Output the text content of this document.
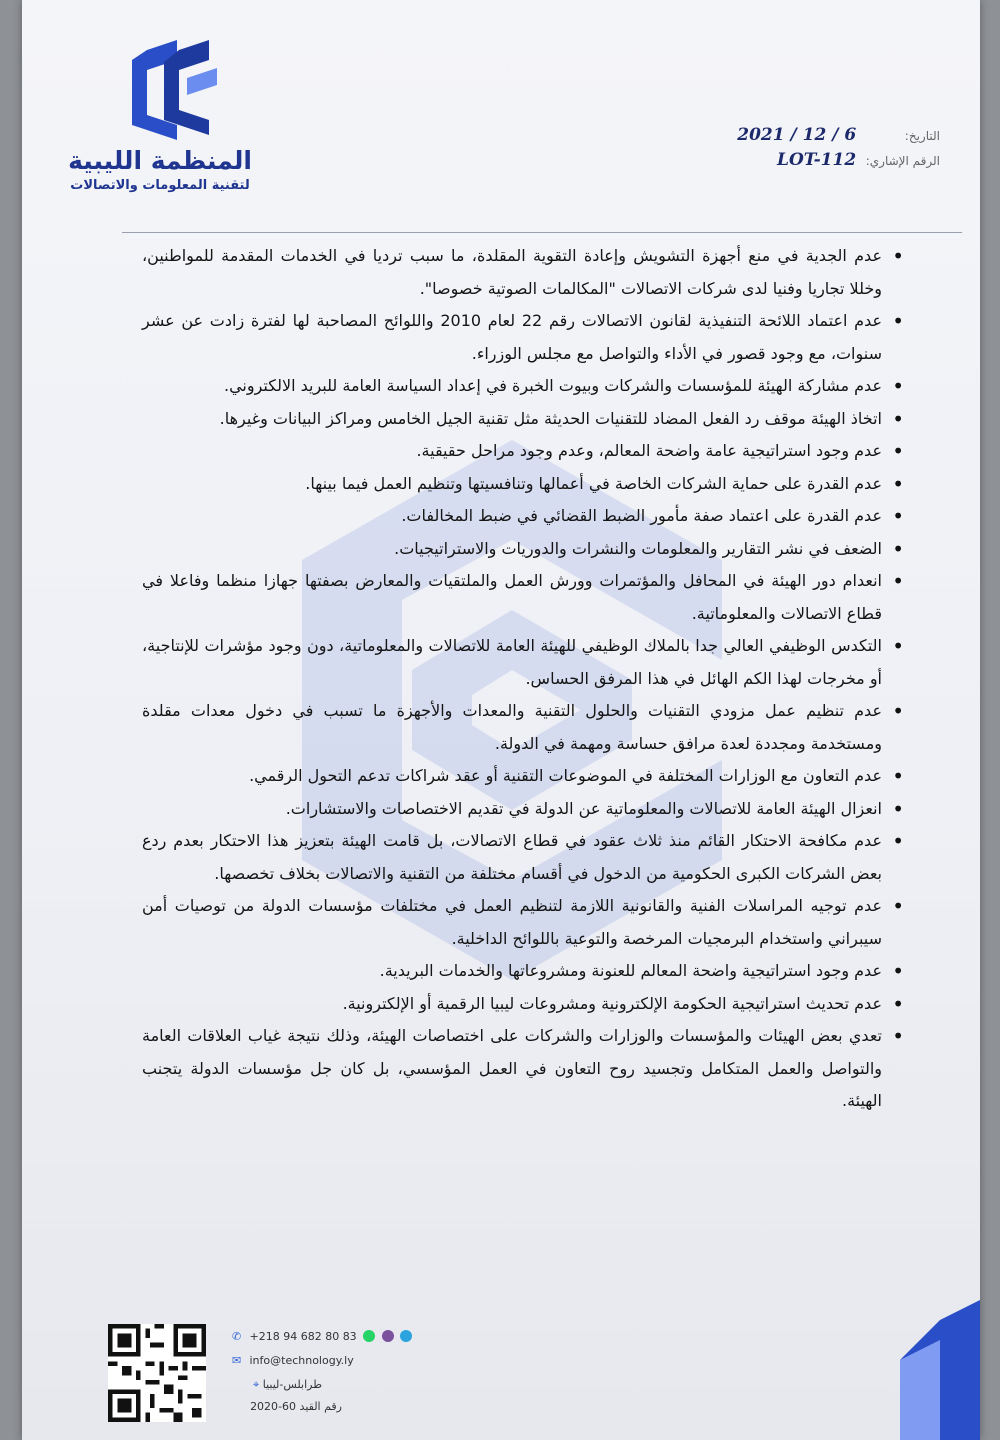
المنظمة الليبية
لتقنية المعلومات والاتصالات
التاريخ: 2021 / 12 / 6
الرقم الإشاري: LOT-112
• عدم الجدية في منع أجهزة التشويش وإعادة التقوية المقلدة، ما سبب ترديا في الخدمات المقدمة للمواطنين، وخللا تجاريا وفنيا لدى شركات الاتصالات "المكالمات الصوتية خصوصا".
• عدم اعتماد اللائحة التنفيذية لقانون الاتصالات رقم 22 لعام 2010 واللوائح المصاحبة لها لفترة زادت عن عشر سنوات، مع وجود قصور في الأداء والتواصل مع مجلس الوزراء.
• عدم مشاركة الهيئة للمؤسسات والشركات وبيوت الخبرة في إعداد السياسة العامة للبريد الالكتروني.
• اتخاذ الهيئة موقف رد الفعل المضاد للتقنيات الحديثة مثل تقنية الجيل الخامس ومراكز البيانات وغيرها.
• عدم وجود استراتيجية عامة واضحة المعالم، وعدم وجود مراحل حقيقية.
• عدم القدرة على حماية الشركات الخاصة في أعمالها وتنافسيتها وتنظيم العمل فيما بينها.
• عدم القدرة على اعتماد صفة مأمور الضبط القضائي في ضبط المخالفات.
• الضعف في نشر التقارير والمعلومات والنشرات والدوريات والاستراتيجيات.
• انعدام دور الهيئة في المحافل والمؤتمرات وورش العمل والملتقيات والمعارض بصفتها جهازا منظما وفاعلا في قطاع الاتصالات والمعلوماتية.
• التكدس الوظيفي العالي جدا بالملاك الوظيفي للهيئة العامة للاتصالات والمعلوماتية، دون وجود مؤشرات للإنتاجية، أو مخرجات لهذا الكم الهائل في هذا المرفق الحساس.
• عدم تنظيم عمل مزودي التقنيات والحلول التقنية والمعدات والأجهزة ما تسبب في دخول معدات مقلدة ومستخدمة ومجددة لعدة مرافق حساسة ومهمة في الدولة.
• عدم التعاون مع الوزارات المختلفة في الموضوعات التقنية أو عقد شراكات تدعم التحول الرقمي.
• انعزال الهيئة العامة للاتصالات والمعلوماتية عن الدولة في تقديم الاختصاصات والاستشارات.
• عدم مكافحة الاحتكار القائم منذ ثلاث عقود في قطاع الاتصالات، بل قامت الهيئة بتعزيز هذا الاحتكار بعدم ردع بعض الشركات الكبرى الحكومية من الدخول في أقسام مختلفة من التقنية والاتصالات بخلاف تخصصها.
• عدم توجيه المراسلات الفنية والقانونية اللازمة لتنظيم العمل في مختلفات مؤسسات الدولة من توصيات أمن سيبراني واستخدام البرمجيات المرخصة والتوعية باللوائح الداخلية.
• عدم وجود استراتيجية واضحة المعالم للعنونة ومشروعاتها والخدمات البريدية.
• عدم تحديث استراتيجية الحكومة الإلكترونية ومشروعات ليبيا الرقمية أو الإلكترونية.
• تعدي بعض الهيئات والمؤسسات والوزارات والشركات على اختصاصات الهيئة، وذلك نتيجة غياب العلاقات العامة والتواصل والعمل المتكامل وتجسيد روح التعاون في العمل المؤسسي، بل كان جل مؤسسات الدولة يتجنب الهيئة.
✆ +218 94 682 80 83
✉ info@technology.ly
طرابلس-ليبيا ⌖
رقم القيد 60-2020
